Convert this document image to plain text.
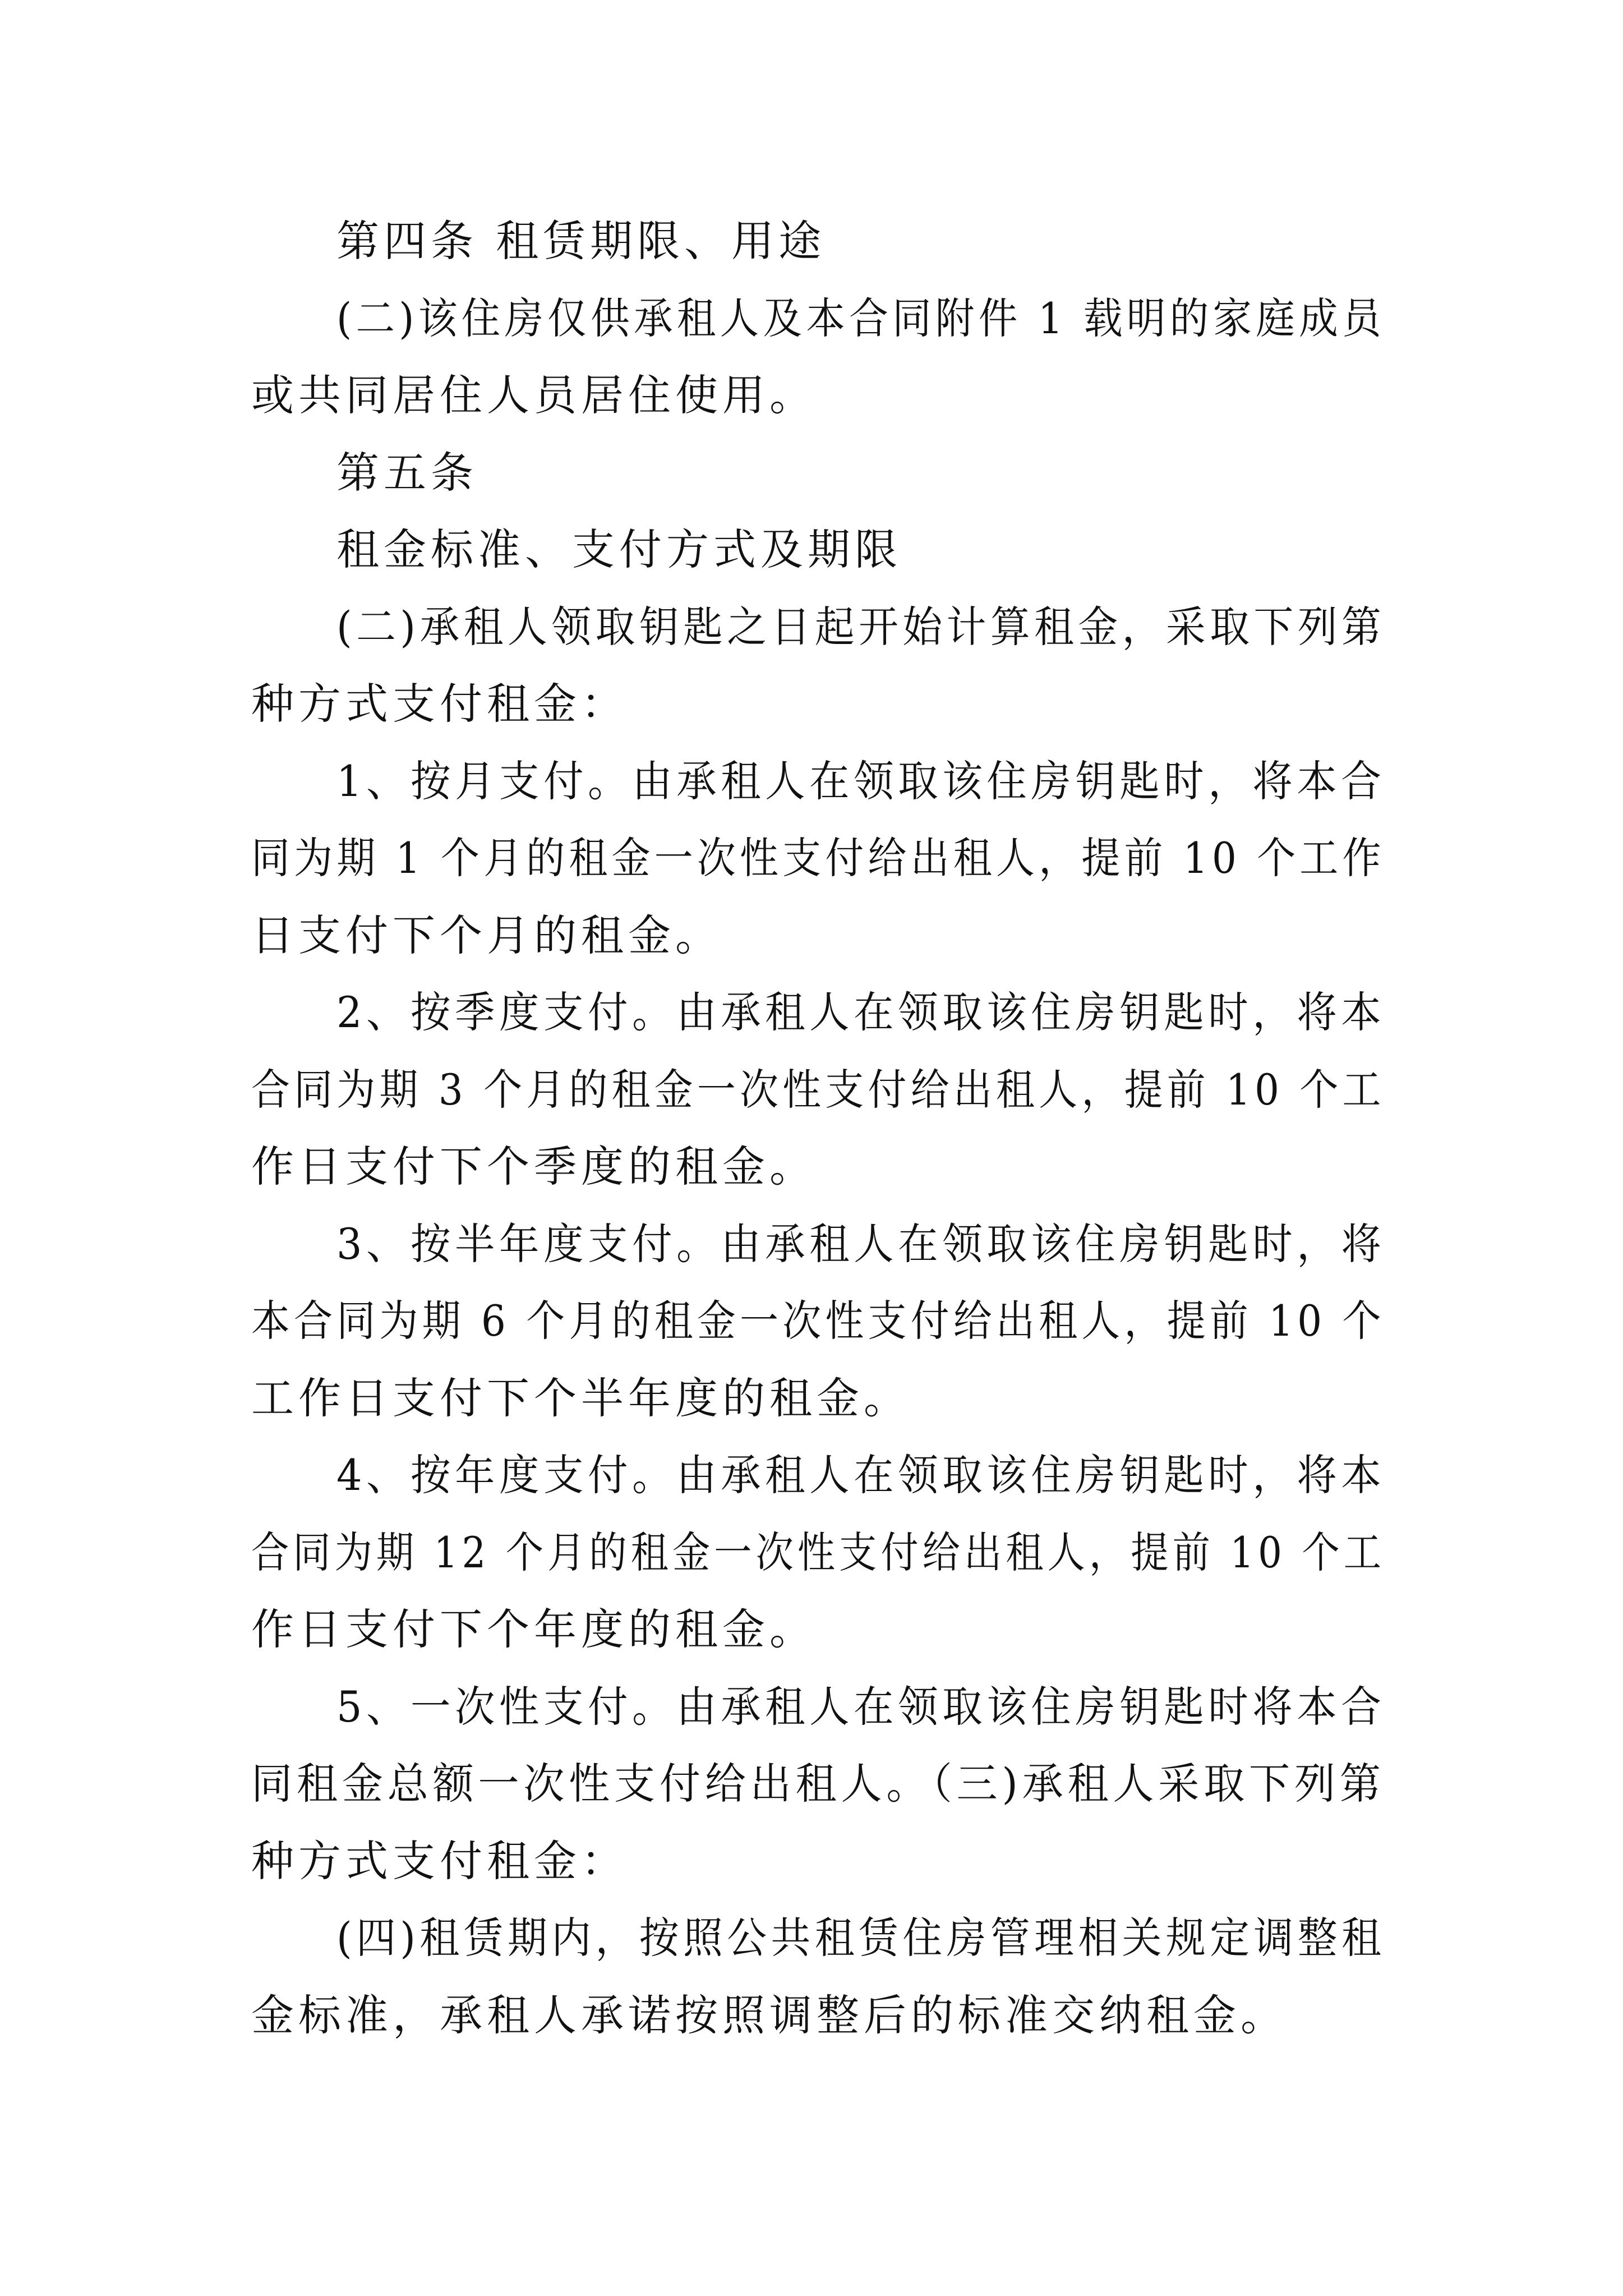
第四条 租赁期限、用途
(二)该住房仅供承租人及本合同附件 1 载明的家庭成员
或共同居住人员居住使用。
第五条
租金标准、支付方式及期限
(二)承租人领取钥匙之日起开始计算租金，采取下列第
种方式支付租金：
1、按月支付。由承租人在领取该住房钥匙时，将本合
同为期 1 个月的租金一次性支付给出租人，提前 10 个工作
日支付下个月的租金。
2、按季度支付。由承租人在领取该住房钥匙时，将本
合同为期 3 个月的租金一次性支付给出租人，提前 10 个工
作日支付下个季度的租金。
3、按半年度支付。由承租人在领取该住房钥匙时，将
本合同为期 6 个月的租金一次性支付给出租人，提前 10 个
工作日支付下个半年度的租金。
4、按年度支付。由承租人在领取该住房钥匙时，将本
合同为期 12 个月的租金一次性支付给出租人，提前 10 个工
作日支付下个年度的租金。
5、一次性支付。由承租人在领取该住房钥匙时将本合
同租金总额一次性支付给出租人。（三)承租人采取下列第
种方式支付租金：
(四)租赁期内，按照公共租赁住房管理相关规定调整租
金标准，承租人承诺按照调整后的标准交纳租金。
